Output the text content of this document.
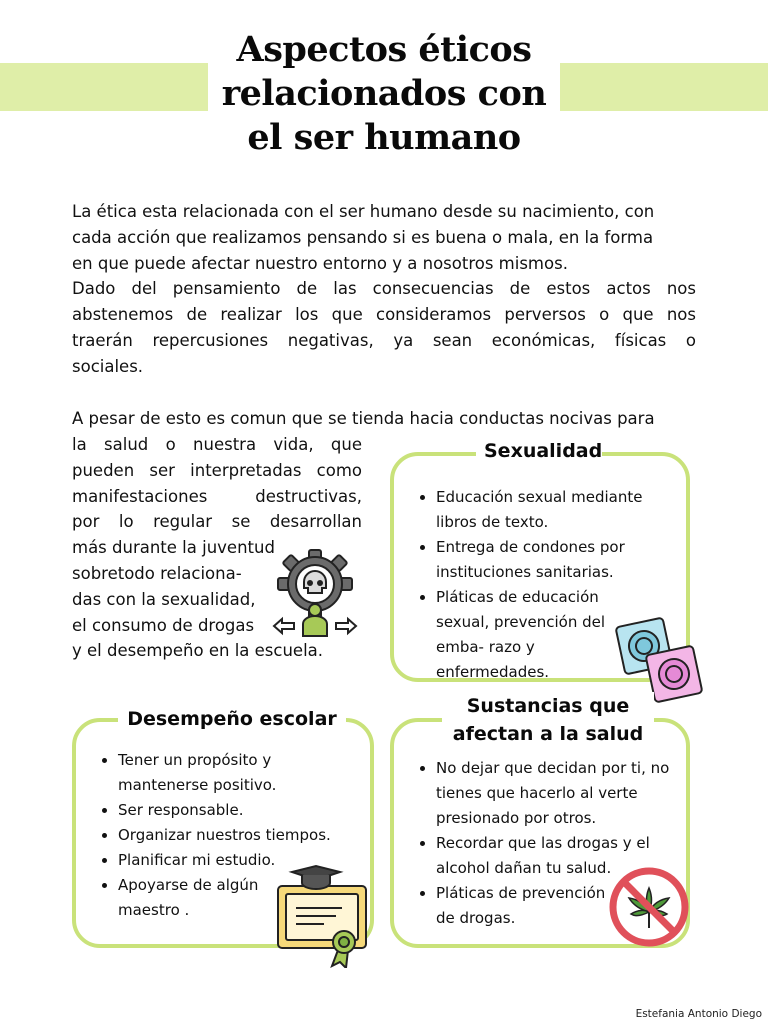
Aspectos éticos
relacionados con
el ser humano
La ética esta relacionada con el ser humano desde su nacimiento, con
cada acción que realizamos pensando si es buena o mala, en la forma
en que puede afectar nuestro entorno y a nosotros mismos.
Dado del pensamiento de las consecuencias de estos actos nos
abstenemos de realizar los que consideramos perversos o que nos
traerán repercusiones negativas, ya sean económicas, físicas o
sociales.
A pesar de esto es comun que se tienda hacia conductas nocivas para
la salud o nuestra vida, que
pueden ser interpretadas como
manifestaciones destructivas,
por lo regular se desarrollan
más durante la juventud
sobretodo relaciona-
das con la sexualidad,
el consumo de drogas
y el desempeño en la escuela.
• Educación sexual mediante libros de texto.
• Entrega de condones por instituciones sanitarias.
• Pláticas de educación sexual, prevención del emba- razo y enfermedades.
Sexualidad
• Tener un propósito y mantenerse positivo.
• Ser responsable.
• Organizar nuestros tiempos.
• Planificar mi estudio.
• Apoyarse de algún maestro .
Desempeño escolar
• No dejar que decidan por ti, no tienes que hacerlo al verte presionado por otros.
• Recordar que las drogas y el alcohol dañan tu salud.
• Pláticas de prevención de drogas.
Sustancias que
afectan a la salud
Estefania Antonio Diego
